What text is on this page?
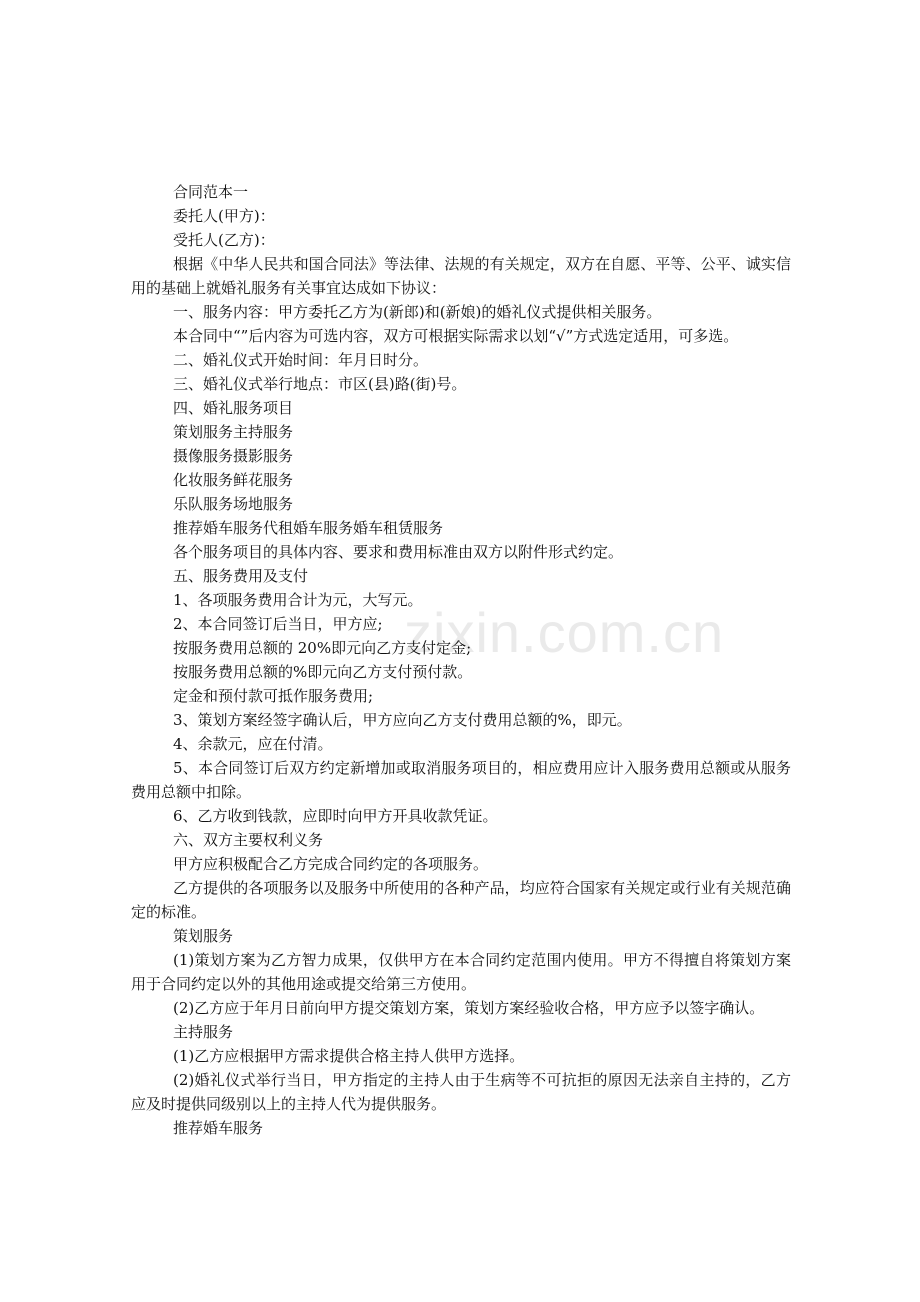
zixin.com.cn

合同范本一

委托人(甲方)：

受托人(乙方)：

根据《中华人民共和国合同法》等法律、法规的有关规定，双方在自愿、平等、公平、诚实信用的基础上就婚礼服务有关事宜达成如下协议：

一、服务内容：甲方委托乙方为(新郎)和(新娘)的婚礼仪式提供相关服务。

本合同中“”后内容为可选内容，双方可根据实际需求以划“√”方式选定适用，可多选。

二、婚礼仪式开始时间：年月日时分。

三、婚礼仪式举行地点：市区(县)路(街)号。

四、婚礼服务项目

策划服务主持服务

摄像服务摄影服务

化妆服务鲜花服务

乐队服务场地服务

推荐婚车服务代租婚车服务婚车租赁服务

各个服务项目的具体内容、要求和费用标准由双方以附件形式约定。

五、服务费用及支付

1、各项服务费用合计为元，大写元。

2、本合同签订后当日，甲方应;

按服务费用总额的 20%即元向乙方支付定金;

按服务费用总额的%即元向乙方支付预付款。

定金和预付款可抵作服务费用;

3、策划方案经签字确认后，甲方应向乙方支付费用总额的%，即元。

4、余款元，应在付清。

5、本合同签订后双方约定新增加或取消服务项目的，相应费用应计入服务费用总额或从服务费用总额中扣除。

6、乙方收到钱款，应即时向甲方开具收款凭证。

六、双方主要权利义务

甲方应积极配合乙方完成合同约定的各项服务。

乙方提供的各项服务以及服务中所使用的各种产品，均应符合国家有关规定或行业有关规范确定的标准。

策划服务

(1)策划方案为乙方智力成果，仅供甲方在本合同约定范围内使用。甲方不得擅自将策划方案用于合同约定以外的其他用途或提交给第三方使用。

(2)乙方应于年月日前向甲方提交策划方案，策划方案经验收合格，甲方应予以签字确认。

主持服务

(1)乙方应根据甲方需求提供合格主持人供甲方选择。

(2)婚礼仪式举行当日，甲方指定的主持人由于生病等不可抗拒的原因无法亲自主持的，乙方应及时提供同级别以上的主持人代为提供服务。

推荐婚车服务
